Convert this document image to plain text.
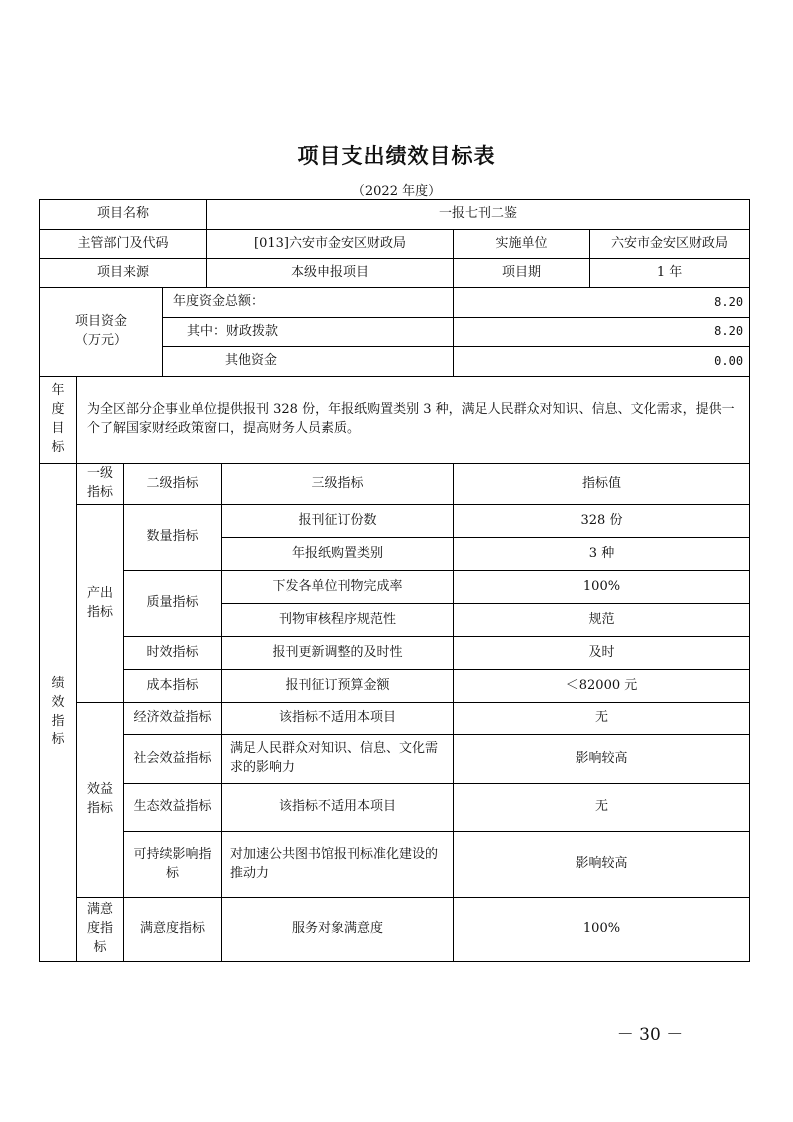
项目支出绩效目标表
（2022 年度）
项目名称			一报七刊二鉴		
主管部门及代码			[013]六安市金安区财政局	实施单位	六安市金安区财政局
项目来源			本级申报项目	项目期	1 年

项目资金
（万元）		年度资金总额：		8.20	
		其中：财政拨款		8.20	
		其他资金		0.00	
年度目标	为全区部分企事业单位提供报刊 328 份，年报纸购置类别 3 种，满足人民群众对知识、信息、文化需求，提供一个了解国家财经政策窗口，提高财务人员素质。				
绩效指标	一级指标	二级指标	三级指标	指标值
	产出指标	数量指标	报刊征订份数	328 份
			年报纸购置类别	3 种
		质量指标	下发各单位刊物完成率	100%
			刊物审核程序规范性	规范
		时效指标	报刊更新调整的及时性	及时
		成本指标	报刊征订预算金额	＜82000 元
	效益指标	经济效益指标	该指标不适用本项目	无
		社会效益指标	满足人民群众对知识、信息、文化需求的影响力	影响较高
		生态效益指标	该指标不适用本项目	无
		可持续影响指标	对加速公共图书馆报刊标准化建设的推动力	影响较高
	满意度指标	满意度指标	服务对象满意度	100%
－ 30 －
